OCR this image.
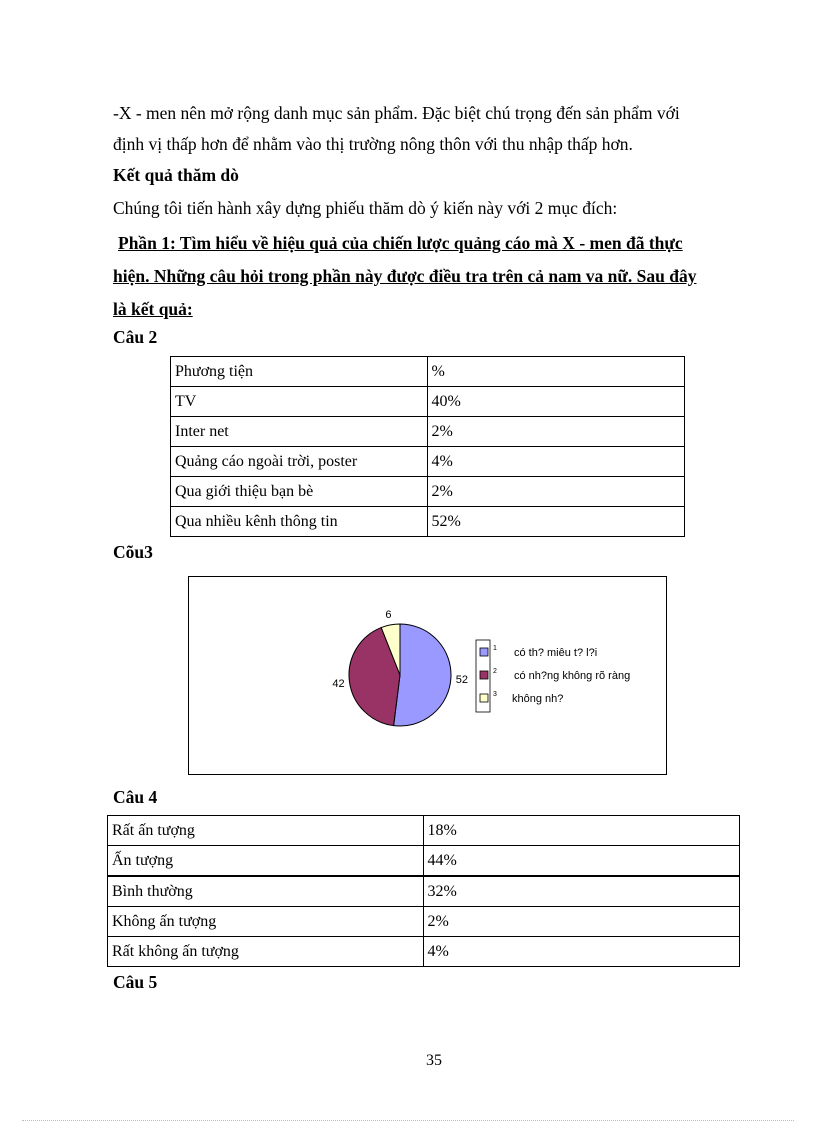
-X - men nên mở rộng danh mục sản phẩm. Đặc biệt chú trọng đến sản phẩm với
định vị thấp hơn để nhằm vào thị trường nông thôn với thu nhập thấp hơn.
Kết quả thăm dò
Chúng tôi tiến hành xây dựng phiếu thăm dò ý kiến này với 2 mục đích:
Phần 1: Tìm hiểu về hiệu quả của chiến lược quảng cáo mà X - men đã thực
hiện. Những câu hỏi trong phần này được điều tra trên cả nam va nữ. Sau đây
là kết quả:
Câu 2
Phương tiện	%
TV	40%
Inter net	2%
Quảng cáo ngoài trời, poster	4%
Qua giới thiệu bạn bè	2%
Qua nhiều kênh thông tin	52%
Cõu3
52
42
6
1 có th? miêu t? l?i
2 có nh?ng không rõ ràng
3 không nh?
Câu 4
Rất ấn tượng	18%
Ấn tượng	44%
Bình thường	32%
Không ấn tượng	2%
Rất không ấn tượng	4%
Câu 5
35
